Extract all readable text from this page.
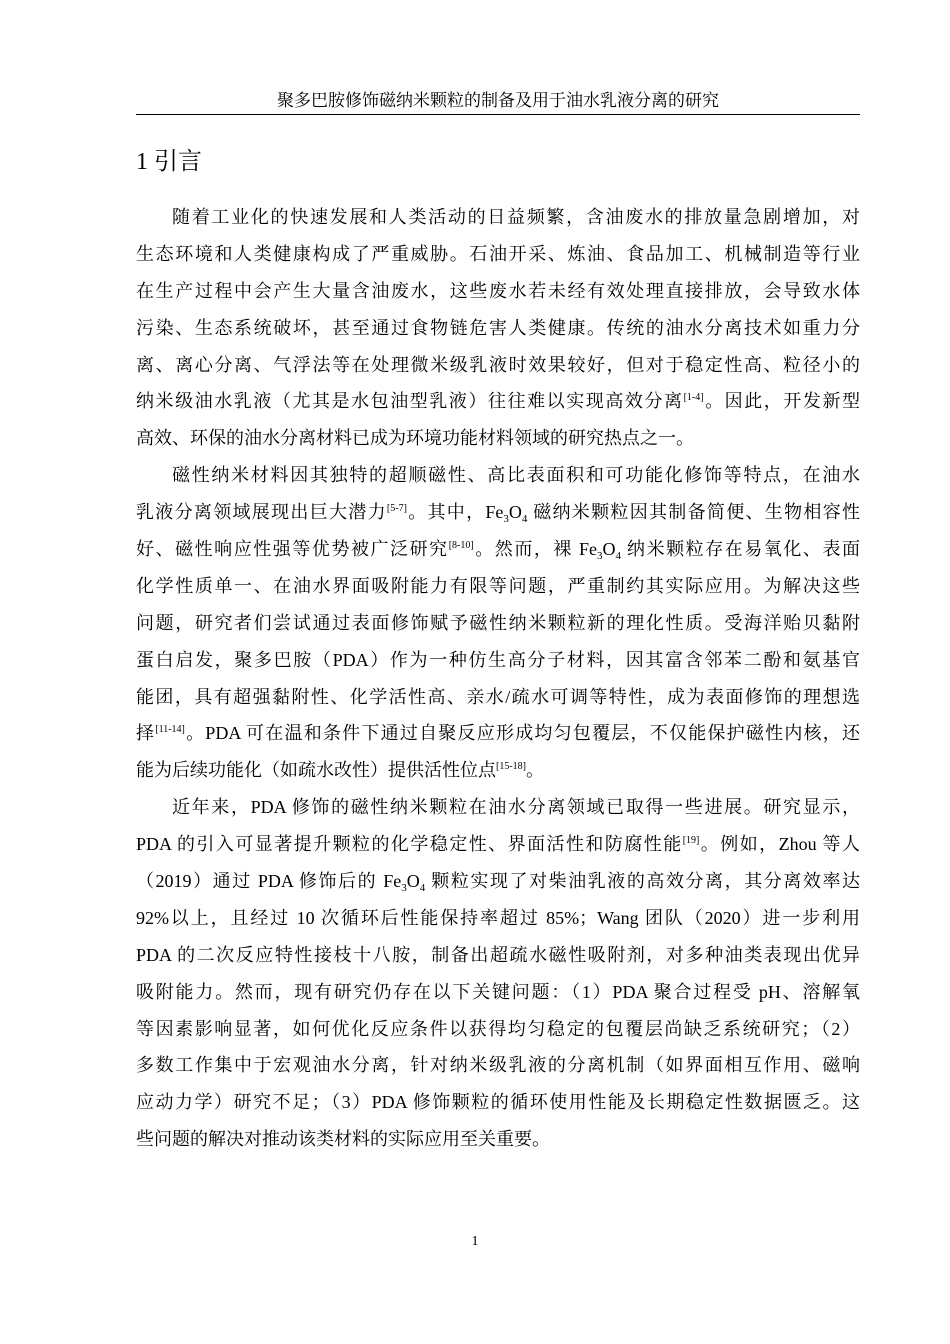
聚多巴胺修饰磁纳米颗粒的制备及用于油水乳液分离的研究
1 引言
随着工业化的快速发展和人类活动的日益频繁，含油废水的排放量急剧增加，对
生态环境和人类健康构成了严重威胁。石油开采、炼油、食品加工、机械制造等行业
在生产过程中会产生大量含油废水，这些废水若未经有效处理直接排放，会导致水体
污染、生态系统破坏，甚至通过食物链危害人类健康。传统的油水分离技术如重力分
离、离心分离、气浮法等在处理微米级乳液时效果较好，但对于稳定性高、粒径小的
纳米级油水乳液（尤其是水包油型乳液）往往难以实现高效分离[1-4]。因此，开发新型
高效、环保的油水分离材料已成为环境功能材料领域的研究热点之一。
磁性纳米材料因其独特的超顺磁性、高比表面积和可功能化修饰等特点，在油水
乳液分离领域展现出巨大潜力[5-7]。其中，$Fe_3O_4$ 磁纳米颗粒因其制备简便、生物相容性
好、磁性响应性强等优势被广泛研究[8-10]。然而，裸 $Fe_3O_4$ 纳米颗粒存在易氧化、表面
化学性质单一、在油水界面吸附能力有限等问题，严重制约其实际应用。为解决这些
问题，研究者们尝试通过表面修饰赋予磁性纳米颗粒新的理化性质。受海洋贻贝黏附
蛋白启发，聚多巴胺（PDA）作为一种仿生高分子材料，因其富含邻苯二酚和氨基官
能团，具有超强黏附性、化学活性高、亲水/疏水可调等特性，成为表面修饰的理想选
择[11-14]。PDA 可在温和条件下通过自聚反应形成均匀包覆层，不仅能保护磁性内核，还
能为后续功能化（如疏水改性）提供活性位点[15-18]。
近年来，PDA 修饰的磁性纳米颗粒在油水分离领域已取得一些进展。研究显示，
PDA 的引入可显著提升颗粒的化学稳定性、界面活性和防腐性能[19]。例如，Zhou 等人
（2019）通过 PDA 修饰后的 $Fe_3O_4$ 颗粒实现了对柴油乳液的高效分离，其分离效率达
92%以上，且经过 10 次循环后性能保持率超过 85%；Wang 团队（2020）进一步利用
PDA 的二次反应特性接枝十八胺，制备出超疏水磁性吸附剂，对多种油类表现出优异
吸附能力。然而，现有研究仍存在以下关键问题：（1）PDA 聚合过程受 pH、溶解氧
等因素影响显著，如何优化反应条件以获得均匀稳定的包覆层尚缺乏系统研究；（2）
多数工作集中于宏观油水分离，针对纳米级乳液的分离机制（如界面相互作用、磁响
应动力学）研究不足；（3）PDA 修饰颗粒的循环使用性能及长期稳定性数据匮乏。这
些问题的解决对推动该类材料的实际应用至关重要。
1
